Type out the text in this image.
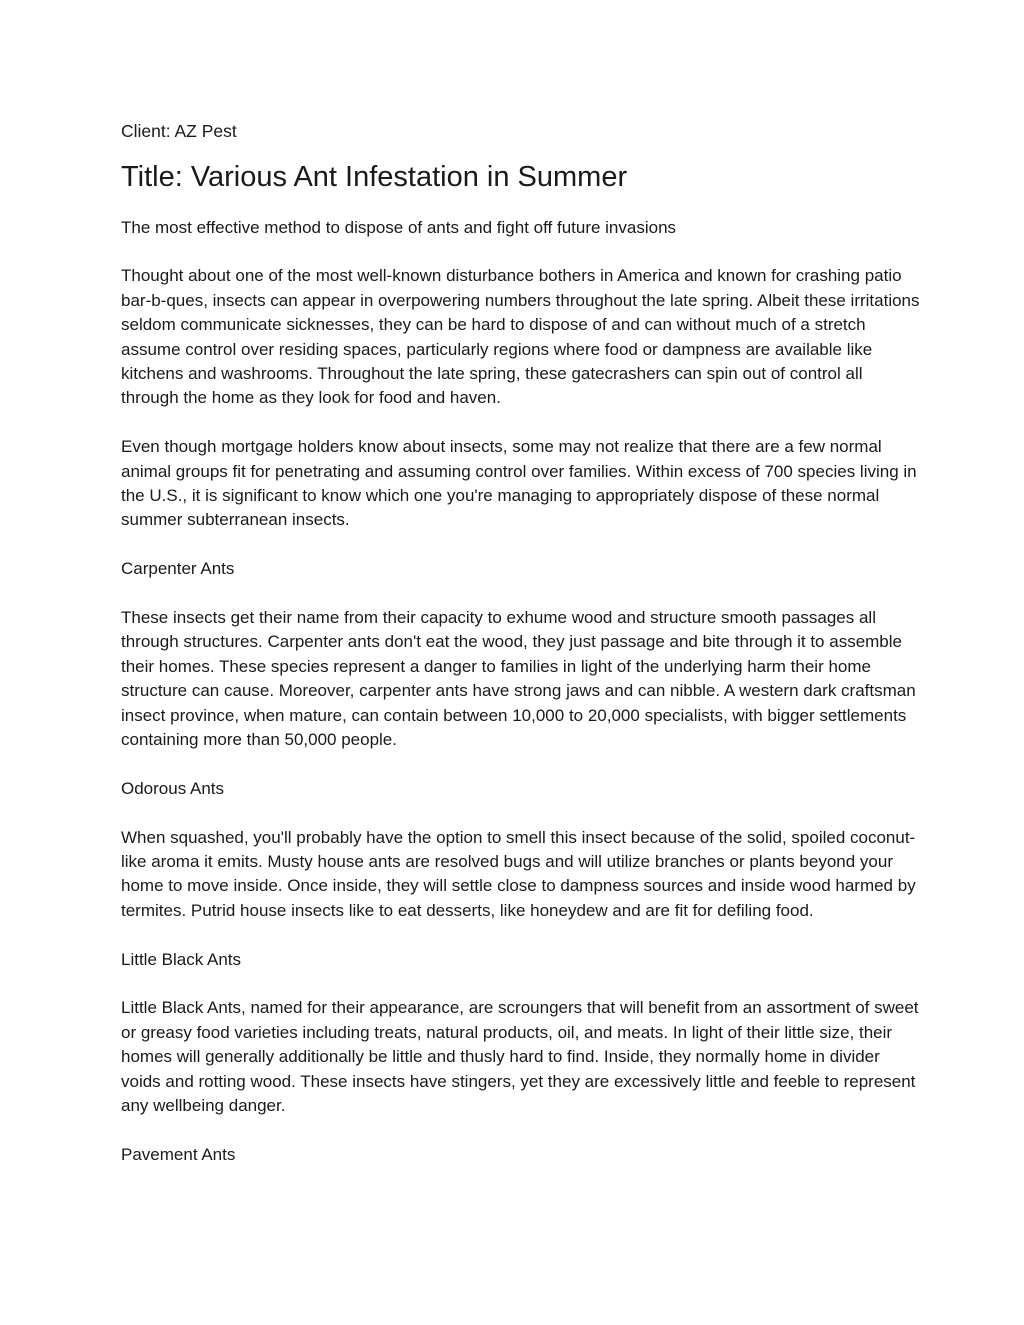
Client: AZ Pest

Title: Various Ant Infestation in Summer

The most effective method to dispose of ants and fight off future invasions

Thought about one of the most well-known disturbance bothers in America and known for crashing patio bar-b-ques, insects can appear in overpowering numbers throughout the late spring. Albeit these irritations seldom communicate sicknesses, they can be hard to dispose of and can without much of a stretch assume control over residing spaces, particularly regions where food or dampness are available like kitchens and washrooms. Throughout the late spring, these gatecrashers can spin out of control all through the home as they look for food and haven.

Even though mortgage holders know about insects, some may not realize that there are a few normal animal groups fit for penetrating and assuming control over families. Within excess of 700 species living in the U.S., it is significant to know which one you're managing to appropriately dispose of these normal summer subterranean insects.

Carpenter Ants

These insects get their name from their capacity to exhume wood and structure smooth passages all through structures. Carpenter ants don't eat the wood, they just passage and bite through it to assemble their homes. These species represent a danger to families in light of the underlying harm their home structure can cause. Moreover, carpenter ants have strong jaws and can nibble. A western dark craftsman insect province, when mature, can contain between 10,000 to 20,000 specialists, with bigger settlements containing more than 50,000 people.

Odorous Ants

When squashed, you'll probably have the option to smell this insect because of the solid, spoiled coconut-like aroma it emits. Musty house ants are resolved bugs and will utilize branches or plants beyond your home to move inside. Once inside, they will settle close to dampness sources and inside wood harmed by termites. Putrid house insects like to eat desserts, like honeydew and are fit for defiling food.

Little Black Ants

Little Black Ants, named for their appearance, are scroungers that will benefit from an assortment of sweet or greasy food varieties including treats, natural products, oil, and meats. In light of their little size, their homes will generally additionally be little and thusly hard to find. Inside, they normally home in divider voids and rotting wood. These insects have stingers, yet they are excessively little and feeble to represent any wellbeing danger.

Pavement Ants
